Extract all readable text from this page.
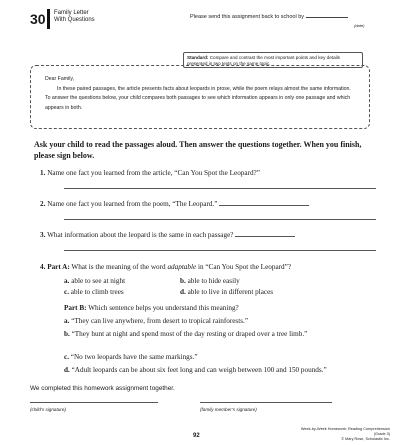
30 Family Letter
With Questions	Please send this assignment back to school by
(date)

Dear Family,

In these paired passages, the article presents facts about leopards in prose, while the poem relays almost the same information. To answer the questions below, your child compares both passages to see which information appears in only one passage and which appears in both.

Standard: Compare and contrast the most important points and key details presented in two texts on the same topic.
Ask your child to read the passages aloud. Then answer the questions together. When you finish, please sign below.
1. Name one fact you learned from the article, “Can You Spot the Leopard?”
2. Name one fact you learned from the poem, “The Leopard.”
3. What information about the leopard is the same in each passage?
4. Part A: What is the meaning of the word adaptable in “Can You Spot the Leopard”?
a. able to see at night	b. able to hide easily
c. able to climb trees	d. able to live in different places
Part B: Which sentence helps you understand this meaning?
a. “They can live anywhere, from desert to tropical rainforests.”
b. “They hunt at night and spend most of the day resting or draped over a tree limb.”
c. “No two leopards have the same markings.”
d. “Adult leopards can be about six feet long and can weigh between 100 and 150 pounds.”
We completed this homework assignment together.
(child’s signature)	(family member’s signature)
92
Week-by-Week Homework: Reading Comprehension (Grade 3)
© Mary Rose, Scholastic Inc.
